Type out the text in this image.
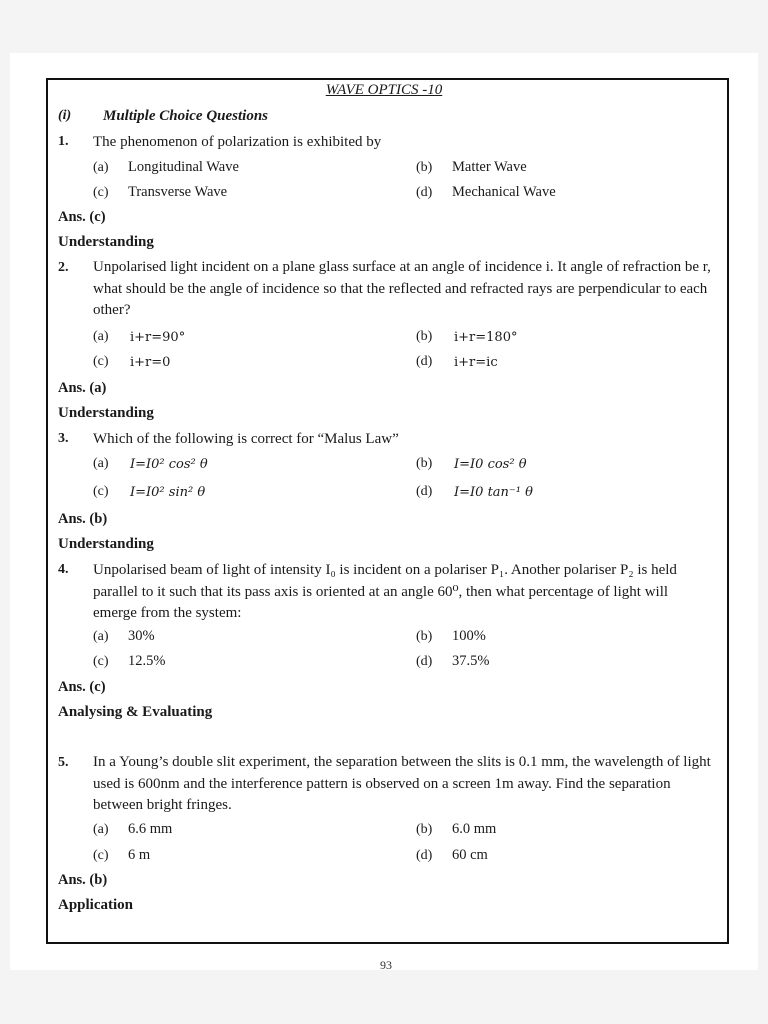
WAVE OPTICS -10
(i) Multiple Choice Questions
1. The phenomenon of polarization is exhibited by
(a) Longitudinal Wave	(b) Matter Wave
(c) Transverse Wave	(d) Mechanical Wave
Ans. (c)
Understanding
2. Unpolarised light incident on a plane glass surface at an angle of incidence i. It angle of refraction be r, what should be the angle of incidence so that the reflected and refracted rays are perpendicular to each other?
(a) i+r=90°	(b) i+r=180°
(c) i+r=0	(d) i+r=ic
Ans. (a)
Understanding
3. Which of the following is correct for “Malus Law”
(a) I=I0² cos² θ	(b) I=I0 cos² θ
(c) I=I0² sin² θ	(d) I=I0 tan⁻¹ θ
Ans. (b)
Understanding
4. Unpolarised beam of light of intensity I₀ is incident on a polariser P₁. Another polariser P₂ is held parallel to it such that its pass axis is oriented at an angle 60⁰, then what percentage of light will emerge from the system:
(a) 30%	(b) 100%
(c) 12.5%	(d) 37.5%
Ans. (c)
Analysing & Evaluating
5. In a Young’s double slit experiment, the separation between the slits is 0.1 mm, the wavelength of light used is 600nm and the interference pattern is observed on a screen 1m away. Find the separation between bright fringes.
(a) 6.6 mm	(b) 6.0 mm
(c) 6 m	(d) 60 cm
Ans. (b)
Application
93
